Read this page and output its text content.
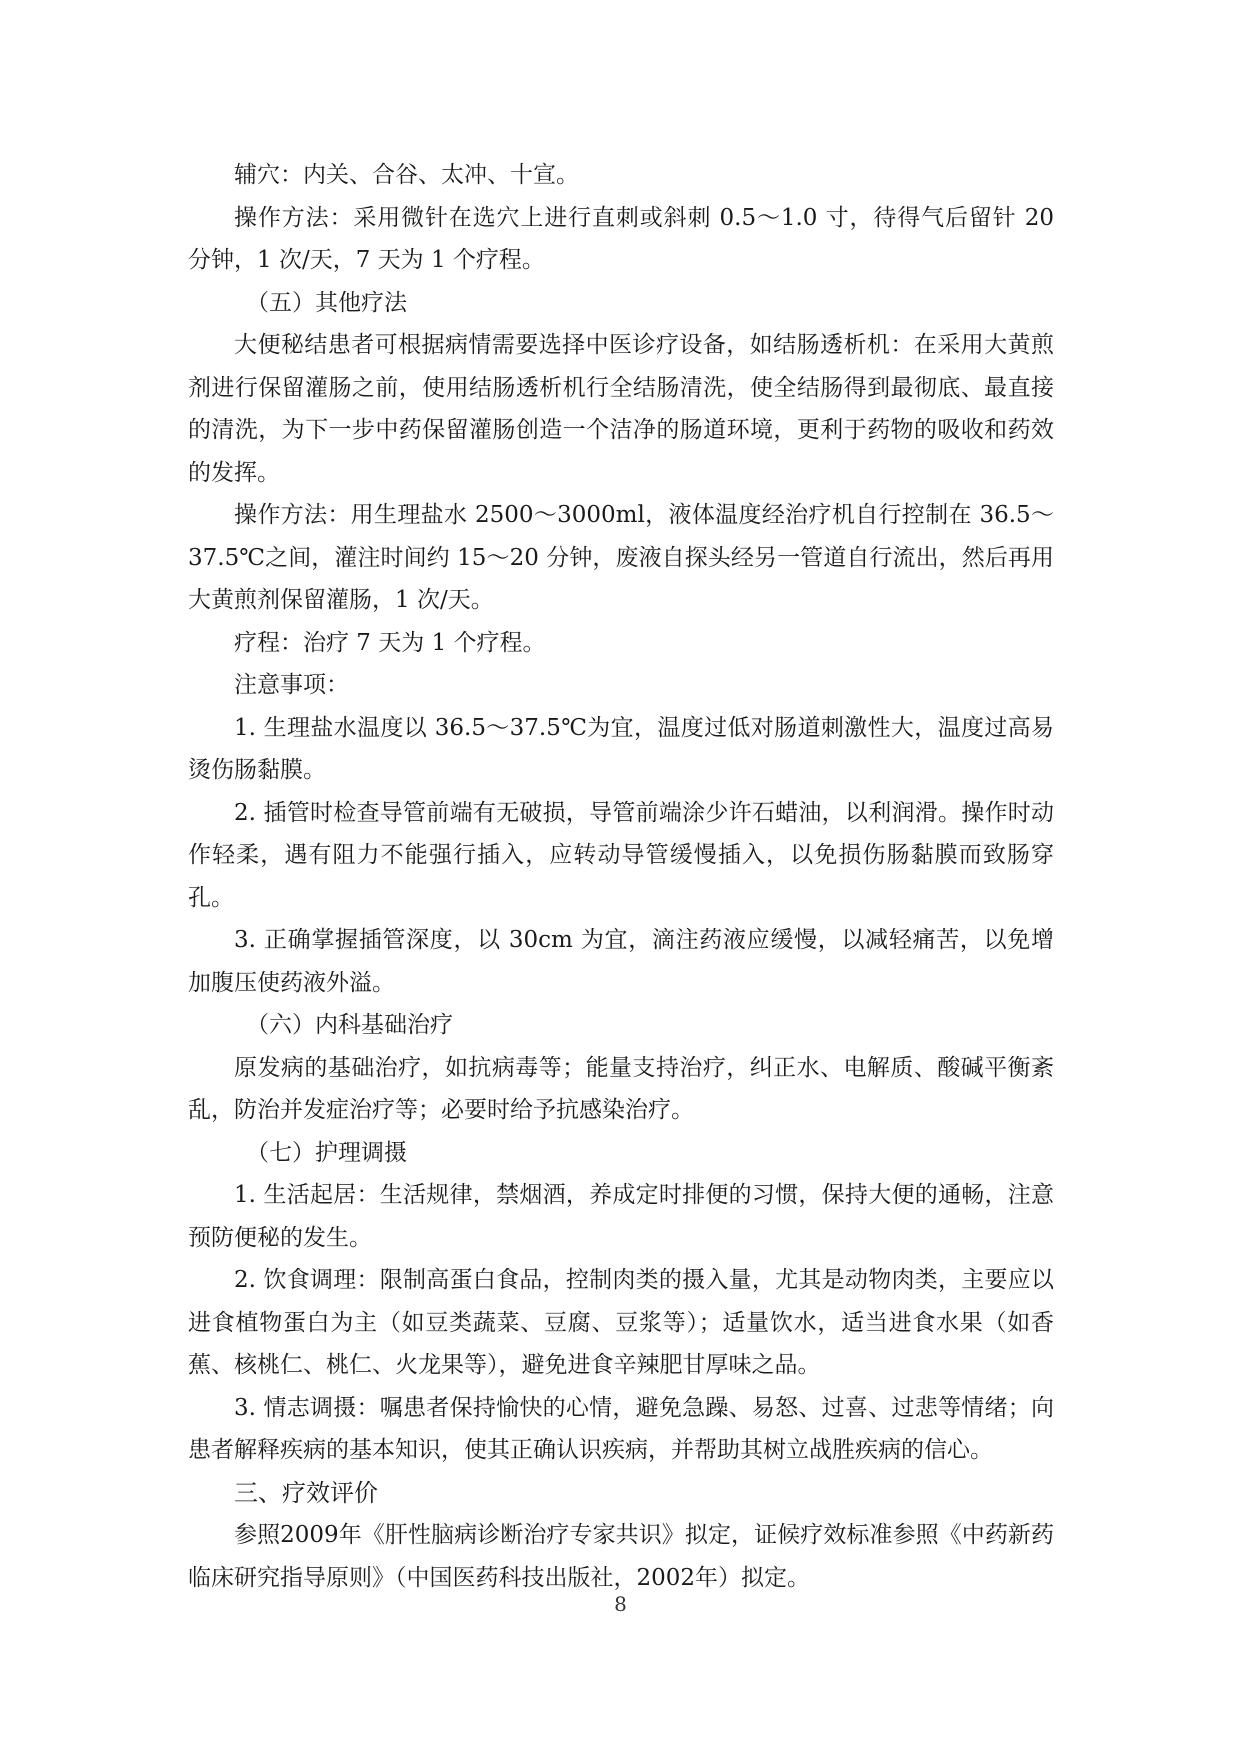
辅穴：内关、合谷、太冲、十宣。

操作方法：采用微针在选穴上进行直刺或斜刺 0.5～1.0 寸，待得气后留针 20 分钟，1 次/天，7 天为 1 个疗程。

（五）其他疗法

大便秘结患者可根据病情需要选择中医诊疗设备，如结肠透析机：在采用大黄煎剂进行保留灌肠之前，使用结肠透析机行全结肠清洗，使全结肠得到最彻底、最直接的清洗，为下一步中药保留灌肠创造一个洁净的肠道环境，更利于药物的吸收和药效的发挥。

操作方法：用生理盐水 2500～3000ml，液体温度经治疗机自行控制在 36.5～37.5℃之间，灌注时间约 15～20 分钟，废液自探头经另一管道自行流出，然后再用大黄煎剂保留灌肠，1 次/天。

疗程：治疗 7 天为 1 个疗程。

注意事项：

1. 生理盐水温度以 36.5～37.5℃为宜，温度过低对肠道刺激性大，温度过高易烫伤肠黏膜。

2. 插管时检查导管前端有无破损，导管前端涂少许石蜡油，以利润滑。操作时动作轻柔，遇有阻力不能强行插入，应转动导管缓慢插入，以免损伤肠黏膜而致肠穿孔。

3. 正确掌握插管深度，以 30cm 为宜，滴注药液应缓慢，以减轻痛苦，以免增加腹压使药液外溢。

（六）内科基础治疗

原发病的基础治疗，如抗病毒等；能量支持治疗，纠正水、电解质、酸碱平衡紊乱，防治并发症治疗等；必要时给予抗感染治疗。

（七）护理调摄

1. 生活起居：生活规律，禁烟酒，养成定时排便的习惯，保持大便的通畅，注意预防便秘的发生。

2. 饮食调理：限制高蛋白食品，控制肉类的摄入量，尤其是动物肉类，主要应以进食植物蛋白为主（如豆类蔬菜、豆腐、豆浆等）；适量饮水，适当进食水果（如香蕉、核桃仁、桃仁、火龙果等），避免进食辛辣肥甘厚味之品。

3. 情志调摄：嘱患者保持愉快的心情，避免急躁、易怒、过喜、过悲等情绪；向患者解释疾病的基本知识，使其正确认识疾病，并帮助其树立战胜疾病的信心。

三、疗效评价

参照2009年《肝性脑病诊断治疗专家共识》拟定，证候疗效标准参照《中药新药临床研究指导原则》（中国医药科技出版社，2002年）拟定。

8
